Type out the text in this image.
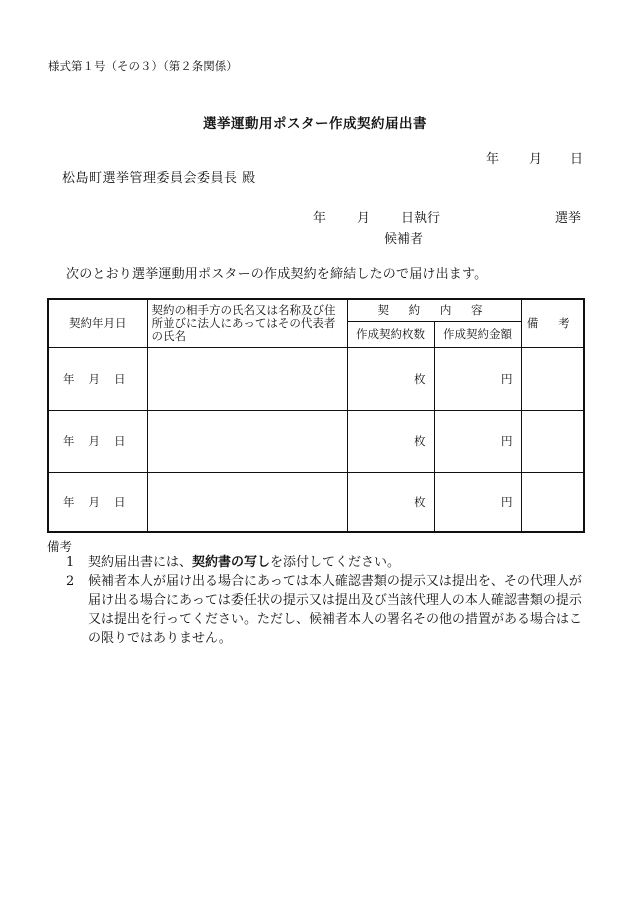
様式第１号（その３）（第２条関係）
選挙運動用ポスター作成契約届出書
年 月 日
松島町選挙管理委員会委員長 殿
年 月 日執行	選挙
候補者
次のとおり選挙運動用ポスターの作成契約を締結したので届け出ます。
契約年月日	契約の相手方の氏名又は名称及び住所並びに法人にあってはその代表者の氏名	契 約 内 容		備 考
		作成契約枚数	作成契約金額	
年 月 日		枚	円	
年 月 日		枚	円	
年 月 日		枚	円	
備考
1 契約届出書には、契約書の写しを添付してください。
2 候補者本人が届け出る場合にあっては本人確認書類の提示又は提出を、その代理人が届け出る場合にあっては委任状の提示又は提出及び当該代理人の本人確認書類の提示又は提出を行ってください。ただし、候補者本人の署名その他の措置がある場合はこの限りではありません。
